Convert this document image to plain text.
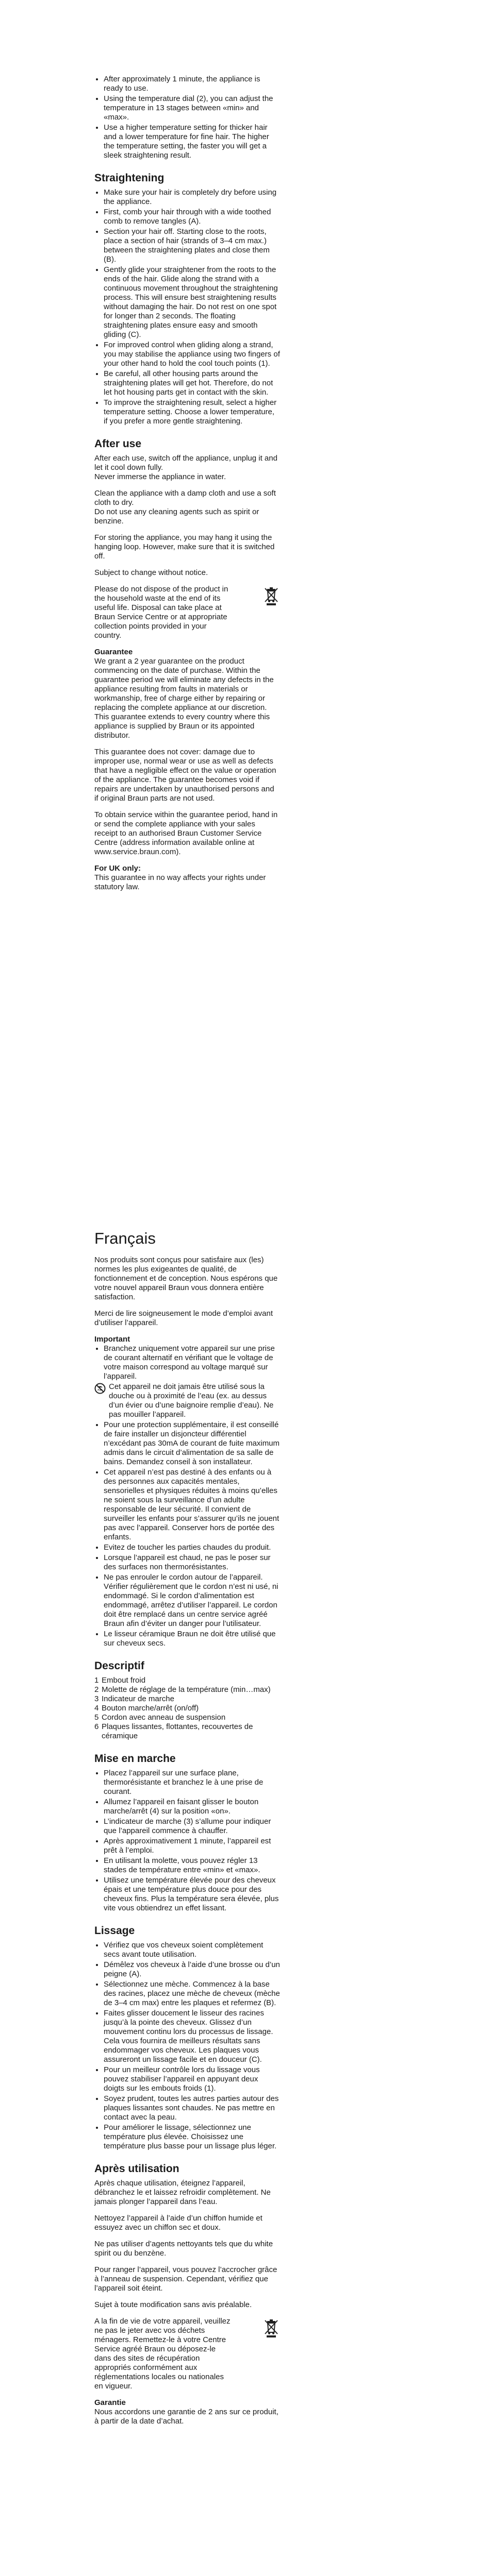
• After approximately 1 minute, the appliance is ready to use.
• Using the temperature dial (2), you can adjust the temperature in 13 stages between «min» and «max».
• Use a higher temperature setting for thicker hair and a lower temperature for fine hair. The higher the temperature setting, the faster you will get a sleek straightening result.
Straightening
• Make sure your hair is completely dry before using the appliance.
• First, comb your hair through with a wide toothed comb to remove tangles (A).
• Section your hair off. Starting close to the roots, place a section of hair (strands of 3–4 cm max.) between the straightening plates and close them (B).
• Gently glide your straightener from the roots to the ends of the hair. Glide along the strand with a continuous movement throughout the straightening process. This will ensure best straightening results without damaging the hair. Do not rest on one spot for longer than 2 seconds. The floating straightening plates ensure easy and smooth gliding (C).
• For improved control when gliding along a strand, you may stabilise the appliance using two fingers of your other hand to hold the cool touch points (1).
• Be careful, all other housing parts around the straightening plates will get hot. Therefore, do not let hot housing parts get in contact with the skin.
• To improve the straightening result, select a higher temperature setting. Choose a lower temperature, if you prefer a more gentle straightening.
After use

After each use, switch off the appliance, unplug it and let it cool down fully.
Never immerse the appliance in water.

Clean the appliance with a damp cloth and use a soft cloth to dry.
Do not use any cleaning agents such as spirit or benzine.

For storing the appliance, you may hang it using the hanging loop. However, make sure that it is switched off.

Subject to change without notice.

Please do not dispose of the product in the household waste at the end of its useful life. Disposal can take place at Braun Service Centre or at appropriate collection points provided in your country.

Guarantee

We grant a 2 year guarantee on the product commencing on the date of purchase. Within the guarantee period we will eliminate any defects in the appliance resulting from faults in materials or workmanship, free of charge either by repairing or replacing the complete appliance at our discretion.
This guarantee extends to every country where this appliance is supplied by Braun or its appointed distributor.

This guarantee does not cover: damage due to improper use, normal wear or use as well as defects that have a negligible effect on the value or operation of the appliance. The guarantee becomes void if repairs are undertaken by unauthorised persons and if original Braun parts are not used.

To obtain service within the guarantee period, hand in or send the complete appliance with your sales receipt to an authorised Braun Customer Service Centre (address information available online at www.service.braun.com).

For UK only:

This guarantee in no way affects your rights under statutory law.

Français

Nos produits sont conçus pour satisfaire aux (les) normes les plus exigeantes de qualité, de fonctionnement et de conception. Nous espérons que votre nouvel appareil Braun vous donnera entière satisfaction.

Merci de lire soigneusement le mode d’emploi avant d’utiliser l’appareil.

Important
• Branchez uniquement votre appareil sur une prise de courant alternatif en vérifiant que le voltage de votre maison correspond au voltage marqué sur l’appareil.
Cet appareil ne doit jamais être utilisé sous la douche ou à proximité de l’eau (ex. au dessus d’un évier ou d’une baignoire remplie d’eau). Ne pas mouiller l’appareil.
• Pour une protection supplémentaire, il est conseillé de faire installer un disjoncteur différentiel n’excédant pas 30mA de courant de fuite maximum admis dans le circuit d’alimentation de sa salle de bains. Demandez conseil à son installateur.
• Cet appareil n’est pas destiné à des enfants ou à des personnes aux capacités mentales, sensorielles et physiques réduites à moins qu’elles ne soient sous la surveillance d’un adulte responsable de leur sécurité. Il convient de surveiller les enfants pour s’assurer qu’ils ne jouent pas avec l’appareil. Conserver hors de portée des enfants.
• Evitez de toucher les parties chaudes du produit.
• Lorsque l’appareil est chaud, ne pas le poser sur des surfaces non thermorésistantes.
• Ne pas enrouler le cordon autour de l’appareil. Vérifier régulièrement que le cordon n’est ni usé, ni endommagé. Si le cordon d’alimentation est endommagé, arrêtez d’utiliser l’appareil. Le cordon doit être remplacé dans un centre service agréé Braun afin d’éviter un danger pour l’utilisateur.
• Le lisseur céramique Braun ne doit être utilisé que sur cheveux secs.
Descriptif
1 Embout froid
2 Molette de réglage de la température (min…max)
3 Indicateur de marche
4 Bouton marche/arrêt (on/off)
5 Cordon avec anneau de suspension
6 Plaques lissantes, flottantes, recouvertes de céramique
Mise en marche
• Placez l’appareil sur une surface plane, thermorésistante et branchez le à une prise de courant.
• Allumez l’appareil en faisant glisser le bouton marche/arrêt (4) sur la position «on».
• L’indicateur de marche (3) s’allume pour indiquer que l’appareil commence à chauffer.
• Après approximativement 1 minute, l’appareil est prêt à l’emploi.
• En utilisant la molette, vous pouvez régler 13 stades de température entre «min» et «max».
• Utilisez une température élevée pour des cheveux épais et une température plus douce pour des cheveux fins. Plus la température sera élevée, plus vite vous obtiendrez un effet lissant.
Lissage
• Vérifiez que vos cheveux soient complètement secs avant toute utilisation.
• Démêlez vos cheveux à l’aide d’une brosse ou d’un peigne (A).
• Sélectionnez une mèche. Commencez à la base des racines, placez une mèche de cheveux (mèche de 3–4 cm max) entre les plaques et refermez (B).
• Faites glisser doucement le lisseur des racines jusqu’à la pointe des cheveux. Glissez d’un mouvement continu lors du processus de lissage. Cela vous fournira de meilleurs résultats sans endommager vos cheveux. Les plaques vous assureront un lissage facile et en douceur (C).
• Pour un meilleur contrôle lors du lissage vous pouvez stabiliser l’appareil en appuyant deux doigts sur les embouts froids (1).
• Soyez prudent, toutes les autres parties autour des plaques lissantes sont chaudes. Ne pas mettre en contact avec la peau.
• Pour améliorer le lissage, sélectionnez une température plus élevée. Choisissez une température plus basse pour un lissage plus léger.
Après utilisation

Après chaque utilisation, éteignez l’appareil, débranchez le et laissez refroidir complètement. Ne jamais plonger l’appareil dans l’eau.

Nettoyez l’appareil à l’aide d’un chiffon humide et essuyez avec un chiffon sec et doux.

Ne pas utiliser d’agents nettoyants tels que du white spirit ou du benzène.

Pour ranger l’appareil, vous pouvez l’accrocher grâce à l’anneau de suspension. Cependant, vérifiez que l’appareil soit éteint.

Sujet à toute modification sans avis préalable.

A la fin de vie de votre appareil, veuillez ne pas le jeter avec vos déchets ménagers. Remettez-le à votre Centre Service agréé Braun ou déposez-le dans des sites de récupération appropriés conformément aux réglementations locales ou nationales en vigueur.

Garantie

Nous accordons une garantie de 2 ans sur ce produit, à partir de la date d’achat.
